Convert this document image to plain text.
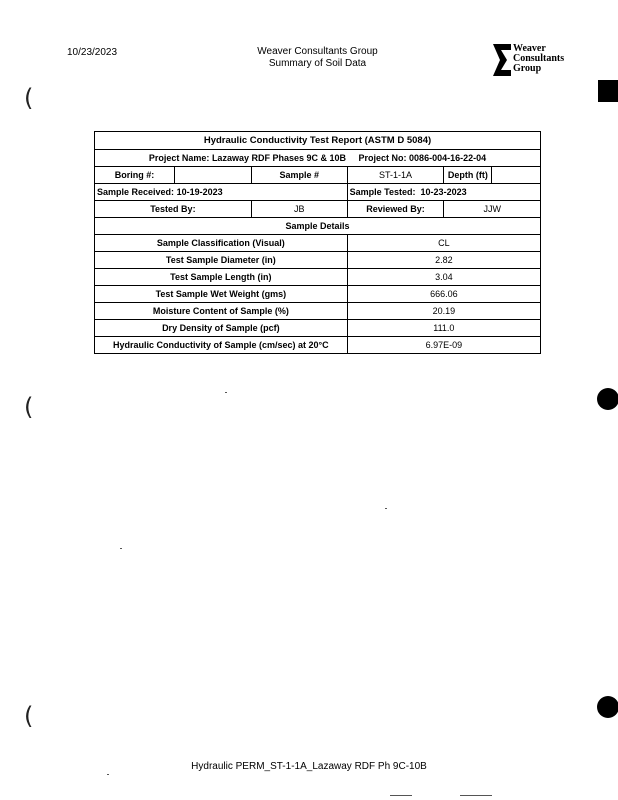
10/23/2023	Weaver Consultants Group
Summary of Soil Data
Weaver
Consultants
Group
(
(
(
Hydraulic Conductivity Test Report (ASTM D 5084)					
Project Name: Lazaway RDF Phases 9C & 10B Project No: 0086-004-16-22-04					
Boring #:		Sample #	ST-1-1A	Depth (ft)	
Sample Received: 10-19-2023			Sample Tested: 10-23-2023		
Tested By:		JB	Reviewed By:	JJW	
Sample Details					
Sample Classification (Visual)			CL		
Test Sample Diameter (in)			2.82		
Test Sample Length (in)			3.04		
Test Sample Wet Weight (gms)			666.06		
Moisture Content of Sample (%)			20.19		
Dry Density of Sample (pcf)			111.0		
Hydraulic Conductivity of Sample (cm/sec) at 20°C			6.97E-09		
Hydraulic PERM_ST-1-1A_Lazaway RDF Ph 9C-10B
